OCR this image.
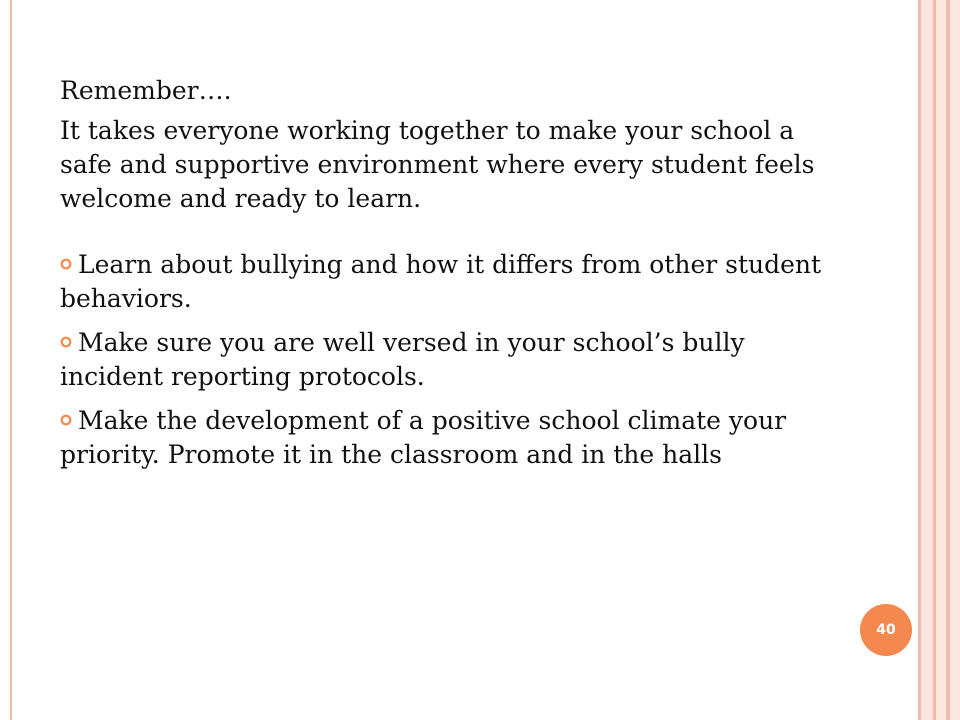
Remember….

It takes everyone working together to make your school a safe and supportive environment where every student feels welcome and ready to learn.

Learn about bullying and how it differs from other student behaviors.
Make sure you are well versed in your school’s bully incident reporting protocols.
Make the development of a positive school climate your priority. Promote it in the classroom and in the halls
40
